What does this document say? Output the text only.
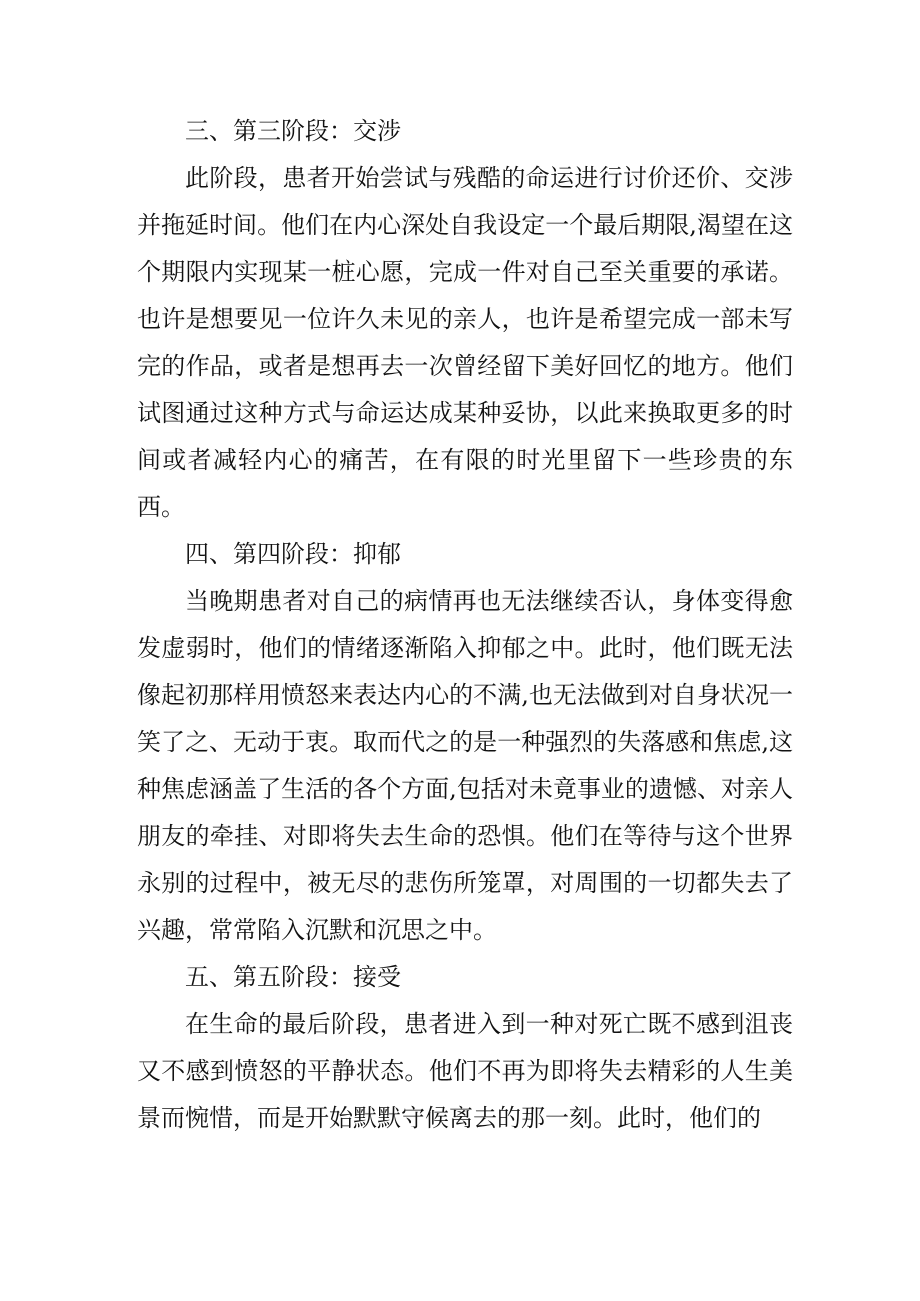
三、第三阶段：交涉

此阶段，患者开始尝试与残酷的命运进行讨价还价、交涉并拖延时间。他们在内心深处自我设定一个最后期限,渴望在这个期限内实现某一桩心愿，完成一件对自己至关重要的承诺。也许是想要见一位许久未见的亲人，也许是希望完成一部未写完的作品，或者是想再去一次曾经留下美好回忆的地方。他们试图通过这种方式与命运达成某种妥协，以此来换取更多的时间或者减轻内心的痛苦，在有限的时光里留下一些珍贵的东西。

四、第四阶段：抑郁

当晚期患者对自己的病情再也无法继续否认，身体变得愈发虚弱时，他们的情绪逐渐陷入抑郁之中。此时，他们既无法像起初那样用愤怒来表达内心的不满,也无法做到对自身状况一笑了之、无动于衷。取而代之的是一种强烈的失落感和焦虑,这种焦虑涵盖了生活的各个方面,包括对未竟事业的遗憾、对亲人朋友的牵挂、对即将失去生命的恐惧。他们在等待与这个世界永别的过程中，被无尽的悲伤所笼罩，对周围的一切都失去了兴趣，常常陷入沉默和沉思之中。

五、第五阶段：接受

在生命的最后阶段，患者进入到一种对死亡既不感到沮丧又不感到愤怒的平静状态。他们不再为即将失去精彩的人生美景而惋惜，而是开始默默守候离去的那一刻。此时，他们的
